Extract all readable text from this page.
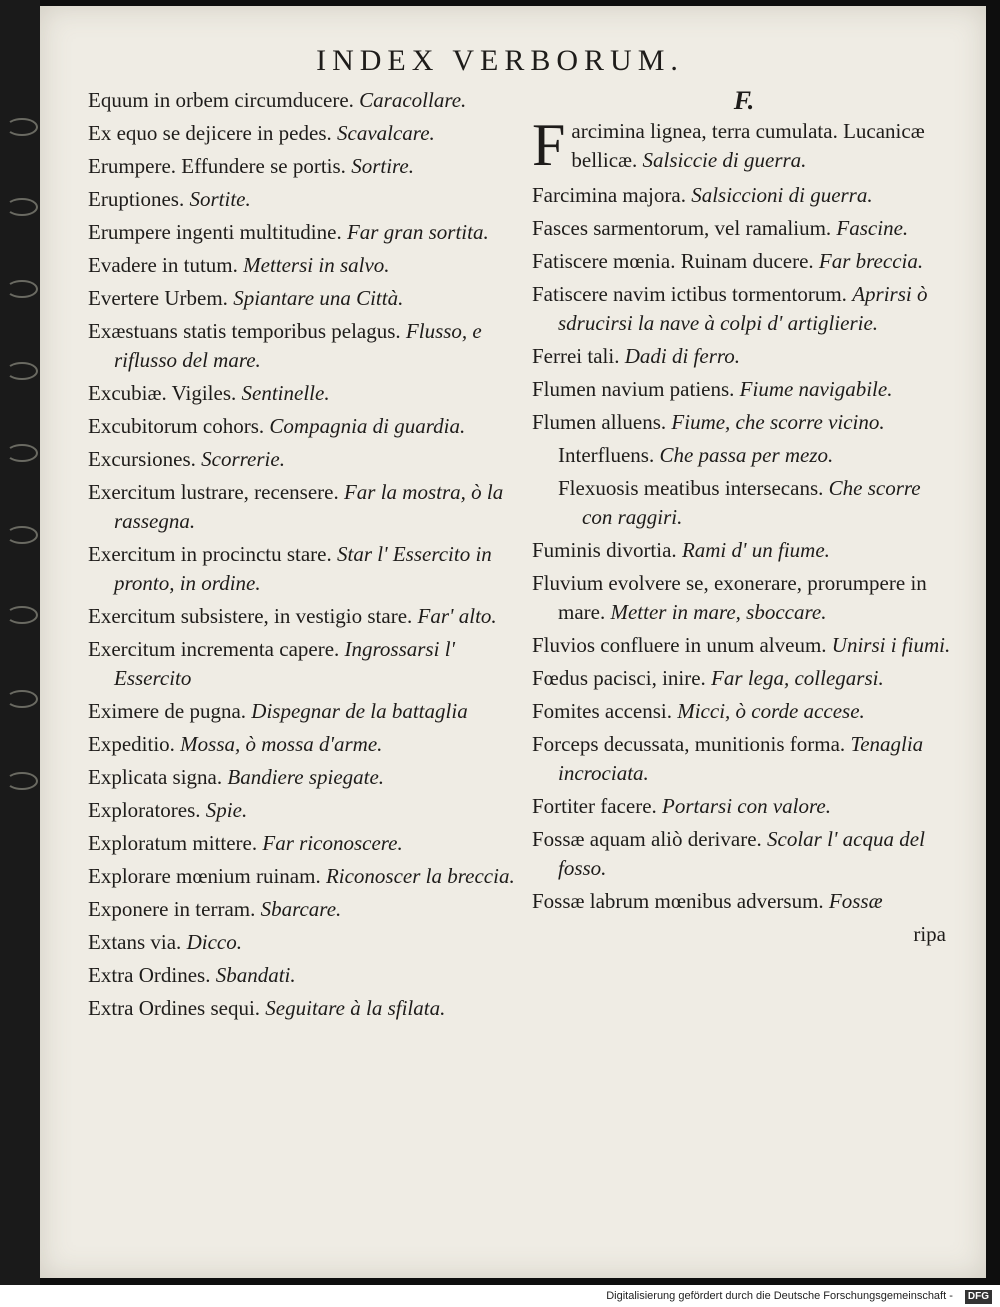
INDEX VERBORUM.
Equum in orbem circumducere. Caracollare.
Ex equo se dejicere in pedes. Scavalcare.
Erumpere. Effundere se portis. Sortire.
Eruptiones. Sortite.
Erumpere ingenti multitudine. Far gran sortita.
Evadere in tutum. Mettersi in salvo.
Evertere Urbem. Spiantare una Città.
Exæstuans statis temporibus pelagus. Flusso, e riflusso del mare.
Excubiæ. Vigiles. Sentinelle.
Excubitorum cohors. Compagnia di guardia.
Excursiones. Scorrerie.
Exercitum lustrare, recensere. Far la mostra, ò la rassegna.
Exercitum in procinctu stare. Star l' Essercito in pronto, in ordine.
Exercitum subsistere, in vestigio stare. Far' alto.
Exercitum incrementa capere. Ingrossarsi l' Essercito
Eximere de pugna. Dispegnar de la battaglia
Expeditio. Mossa, ò mossa d'arme.
Explicata signa. Bandiere spiegate.
Exploratores. Spie.
Exploratum mittere. Far riconoscere.
Explorare mœnium ruinam. Riconoscer la breccia.
Exponere in terram. Sbarcare.
Extans via. Dicco.
Extra Ordines. Sbandati.
Extra Ordines sequi. Seguitare à la sfilata.
F.
Farcimina lignea, terra cumulata. Lucanicæ bellicæ. Salsiccie di guerra.
Farcimina majora. Salsiccioni di guerra.
Fasces sarmentorum, vel ramalium. Fascine.
Fatiscere mœnia. Ruinam ducere. Far breccia.
Fatiscere navim ictibus tormentorum. Aprirsi ò sdrucirsi la nave à colpi d' artiglierie.
Ferrei tali. Dadi di ferro.
Flumen navium patiens. Fiume navigabile.
Flumen alluens. Fiume, che scorre vicino.
Interfluens. Che passa per mezo.
Flexuosis meatibus intersecans. Che scorre con raggiri.
Fuminis divortia. Rami d' un fiume.
Fluvium evolvere se, exonerare, prorumpere in mare. Metter in mare, sboccare.
Fluvios confluere in unum alveum. Unirsi i fiumi.
Fœdus pacisci, inire. Far lega, collegarsi.
Fomites accensi. Micci, ò corde accese.
Forceps decussata, munitionis forma. Tenaglia incrociata.
Fortiter facere. Portarsi con valore.
Fossæ aquam aliò derivare. Scolar l' acqua del fosso.
Fossæ labrum mœnibus adversum. Fossæ
ripa
Digitalisierung gefördert durch die Deutsche Forschungsgemeinschaft - DFG
